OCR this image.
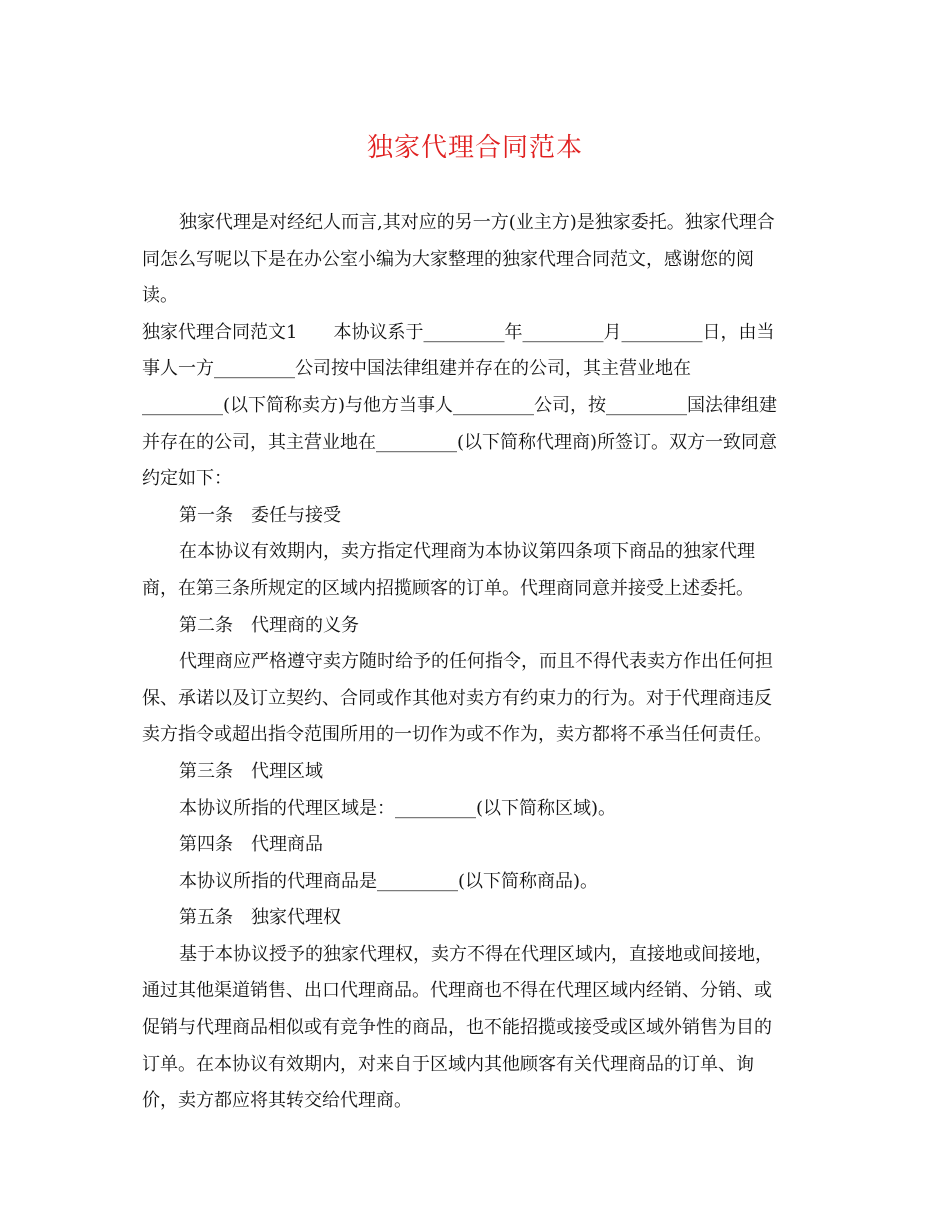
独家代理合同范本

独家代理是对经纪人而言,其对应的另一方(业主方)是独家委托。独家代理合

同怎么写呢以下是在办公室小编为大家整理的独家代理合同范文，感谢您的阅

读。

独家代理合同范文1　　本协议系于_________年_________月_________日，由当

事人一方_________公司按中国法律组建并存在的公司，其主营业地在

_________(以下简称卖方)与他方当事人_________公司，按_________国法律组建

并存在的公司，其主营业地在_________(以下简称代理商)所签订。双方一致同意

约定如下：

第一条　委任与接受

在本协议有效期内，卖方指定代理商为本协议第四条项下商品的独家代理

商，在第三条所规定的区域内招揽顾客的订单。代理商同意并接受上述委托。

第二条　代理商的义务

代理商应严格遵守卖方随时给予的任何指令，而且不得代表卖方作出任何担

保、承诺以及订立契约、合同或作其他对卖方有约束力的行为。对于代理商违反

卖方指令或超出指令范围所用的一切作为或不作为，卖方都将不承当任何责任。

第三条　代理区域

本协议所指的代理区域是：_________(以下简称区域)。

第四条　代理商品

本协议所指的代理商品是_________(以下简称商品)。

第五条　独家代理权

基于本协议授予的独家代理权，卖方不得在代理区域内，直接地或间接地，

通过其他渠道销售、出口代理商品。代理商也不得在代理区域内经销、分销、或

促销与代理商品相似或有竞争性的商品，也不能招揽或接受或区域外销售为目的

订单。在本协议有效期内，对来自于区域内其他顾客有关代理商品的订单、询

价，卖方都应将其转交给代理商。
